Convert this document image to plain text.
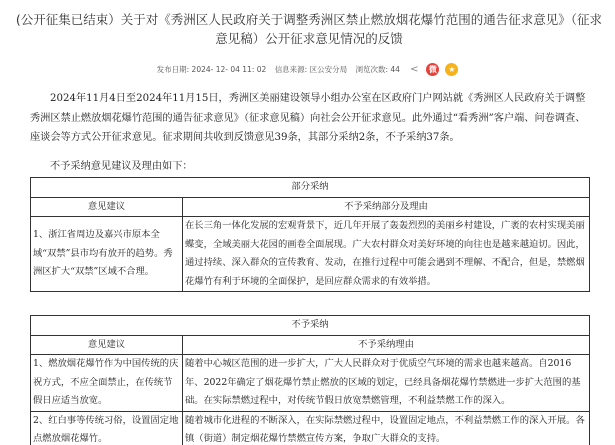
(公开征集已结束）关于对《秀洲区人民政府关于调整秀洲区禁止燃放烟花爆竹范围的通告征求意见》（征求意见稿）公开征求意见情况的反馈
发布日期: 2024- 12- 04 11: 02 信息来源: 区公安分局 浏览次数: 44 < 微 ★
2024年11月4日至2024年11月15日，秀洲区美丽建设领导小组办公室在区政府门户网站就《秀洲区人民政府关于调整秀洲区禁止燃放烟花爆竹范围的通告征求意见》（征求意见稿）向社会公开征求意见。此外通过“看秀洲”客户端、问卷调查、座谈会等方式公开征求意见。征求期间共收到反馈意见39条，其部分采纳2条，不予采纳37条。
不予采纳意见建议及理由如下：
部分采纳	
意见建议	不予采纳部分及理由
1、浙江省周边及嘉兴市原本全域“双禁”县市均有放开的趋势。秀洲区扩大“双禁”区域不合理。	在长三角一体化发展的宏观背景下，近几年开展了轰轰烈烈的美丽乡村建设，广袤的农村实现美丽蝶变，全域美丽大花园的画卷全面展现。广大农村群众对美好环境的向往也是越来越迫切。因此，通过持续、深入群众的宣传教育、发动，在推行过程中可能会遇到不理解、不配合，但是，禁燃烟花爆竹有利于环境的全面保护，是回应群众需求的有效举措。

不予采纳	
意见建议	不予采纳理由
1、燃放烟花爆竹作为中国传统的庆祝方式，不应全面禁止，在传统节假日应适当放宽。	随着中心城区范围的进一步扩大，广大人民群众对于优质空气环境的需求也越来越高。自2016年、2022年确定了烟花爆竹禁止燃放的区域的划定，已经具备烟花爆竹禁燃进一步扩大范围的基础。在实际禁燃过程中，对传统节假日放宽禁燃管理，不利益禁燃工作的深入。
2、红白事等传统习俗，设置固定地点燃放烟花爆竹。	随着城市化进程的不断深入，在实际禁燃过程中，设置固定地点，不利益禁燃工作的深入开展。各镇（街道）制定烟花爆竹禁燃宣传方案，争取广大群众的支持。
